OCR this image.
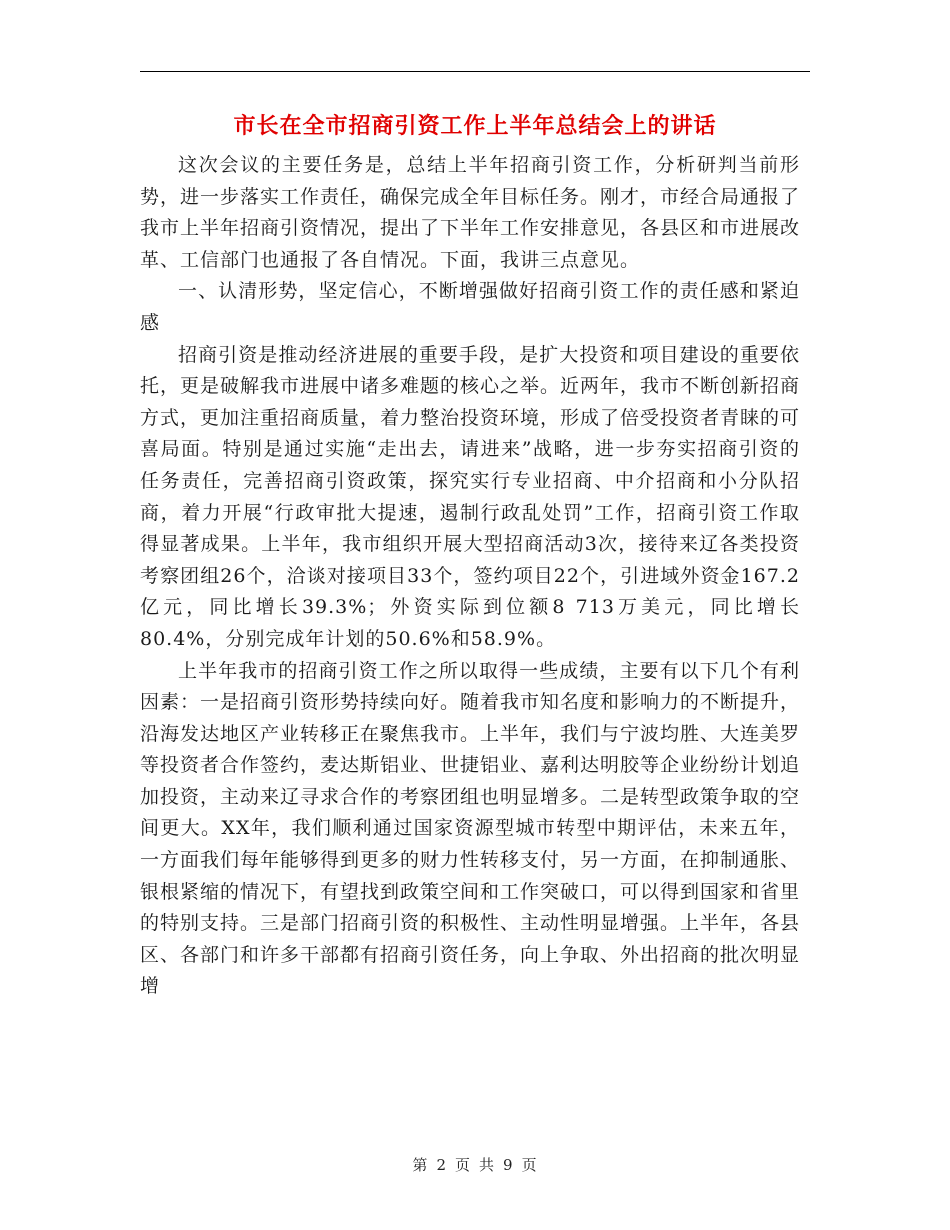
市长在全市招商引资工作上半年总结会上的讲话

这次会议的主要任务是，总结上半年招商引资工作，分析研判当前形势，进一步落实工作责任，确保完成全年目标任务。刚才，市经合局通报了我市上半年招商引资情况，提出了下半年工作安排意见，各县区和市进展改革、工信部门也通报了各自情况。下面，我讲三点意见。

一、认清形势，坚定信心，不断增强做好招商引资工作的责任感和紧迫感

招商引资是推动经济进展的重要手段，是扩大投资和项目建设的重要依托，更是破解我市进展中诸多难题的核心之举。近两年，我市不断创新招商方式，更加注重招商质量，着力整治投资环境，形成了倍受投资者青睐的可喜局面。特别是通过实施“走出去，请进来”战略，进一步夯实招商引资的任务责任，完善招商引资政策，探究实行专业招商、中介招商和小分队招商，着力开展“行政审批大提速，遏制行政乱处罚”工作，招商引资工作取得显著成果。上半年，我市组织开展大型招商活动3次，接待来辽各类投资考察团组26个，洽谈对接项目33个，签约项目22个，引进域外资金167.2亿元，同比增长39.3%；外资实际到位额8 713万美元，同比增长80.4%，分别完成年计划的50.6%和58.9%。

上半年我市的招商引资工作之所以取得一些成绩，主要有以下几个有利因素：一是招商引资形势持续向好。随着我市知名度和影响力的不断提升，沿海发达地区产业转移正在聚焦我市。上半年，我们与宁波均胜、大连美罗等投资者合作签约，麦达斯铝业、世捷铝业、嘉利达明胶等企业纷纷计划追加投资，主动来辽寻求合作的考察团组也明显增多。二是转型政策争取的空间更大。XX年，我们顺利通过国家资源型城市转型中期评估，未来五年，一方面我们每年能够得到更多的财力性转移支付，另一方面，在抑制通胀、银根紧缩的情况下，有望找到政策空间和工作突破口，可以得到国家和省里的特别支持。三是部门招商引资的积极性、主动性明显增强。上半年，各县区、各部门和许多干部都有招商引资任务，向上争取、外出招商的批次明显增

第 2 页 共 9 页
